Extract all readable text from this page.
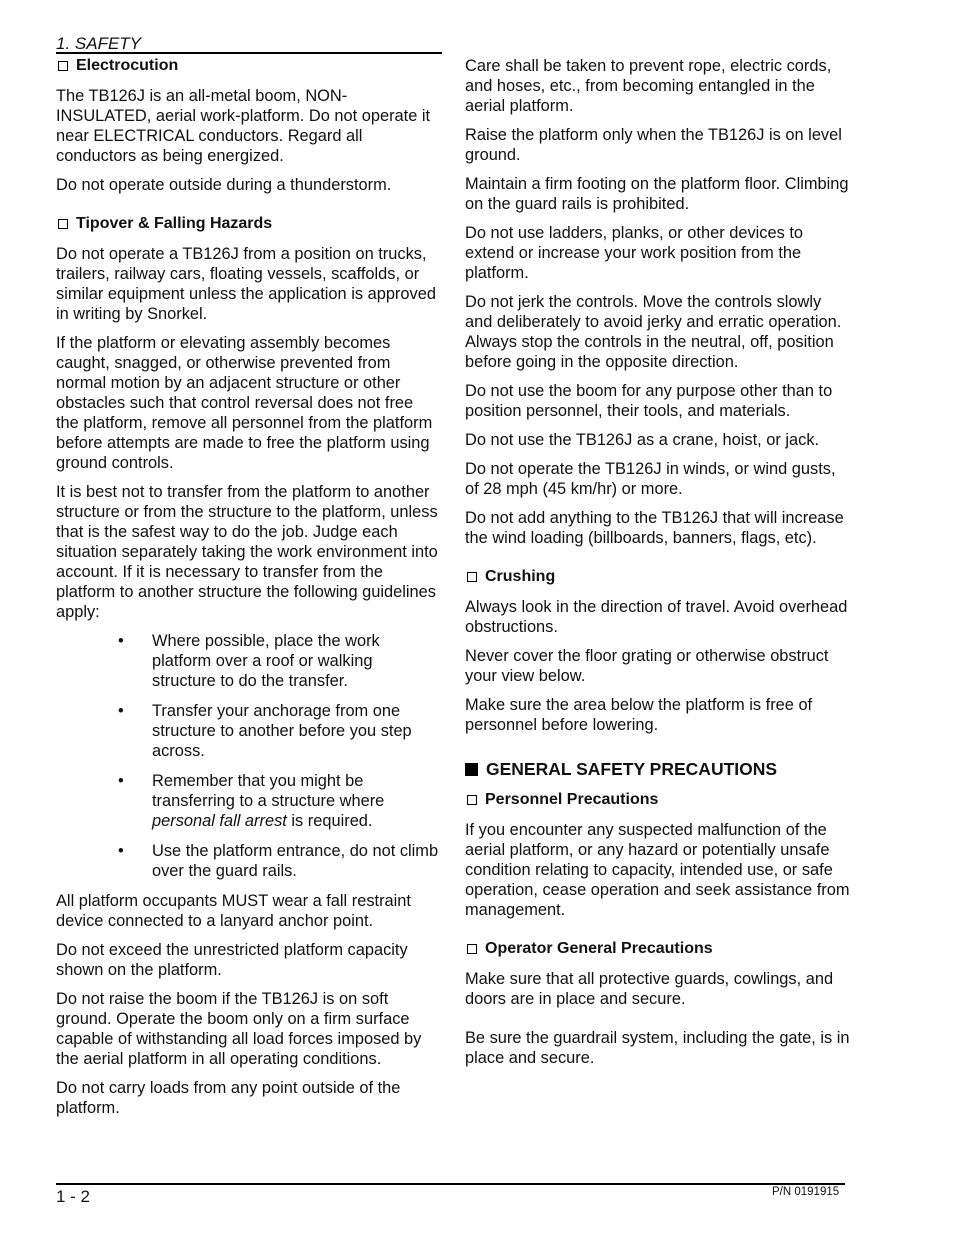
1. SAFETY
Electrocution

The TB126J is an all-metal boom, NON-INSULATED, aerial work-platform. Do not operate it near ELECTRICAL conductors. Regard all conductors as being energized.

Do not operate outside during a thunderstorm.

Tipover & Falling Hazards

Do not operate a TB126J from a position on trucks, trailers, railway cars, floating vessels, scaffolds, or similar equipment unless the application is approved in writing by Snorkel.

If the platform or elevating assembly becomes caught, snagged, or otherwise prevented from normal motion by an adjacent structure or other obstacles such that control reversal does not free the platform, remove all personnel from the platform before attempts are made to free the platform using ground controls.

It is best not to transfer from the platform to another structure or from the structure to the platform, unless that is the safest way to do the job. Judge each situation separately taking the work environment into account. If it is necessary to transfer from the platform to another structure the following guidelines apply:

•	Where possible, place the work platform over a roof or walking structure to do the transfer.
•	Transfer your anchorage from one structure to another before you step across.
•	Remember that you might be transferring to a structure where personal fall arrest is required.
•	Use the platform entrance, do not climb over the guard rails.

All platform occupants MUST wear a fall restraint device connected to a lanyard anchor point.

Do not exceed the unrestricted platform capacity shown on the platform.

Do not raise the boom if the TB126J is on soft ground. Operate the boom only on a firm surface capable of withstanding all load forces imposed by the aerial platform in all operating conditions.

Do not carry loads from any point outside of the platform.

Care shall be taken to prevent rope, electric cords, and hoses, etc., from becoming entangled in the aerial platform.

Raise the platform only when the TB126J is on level ground.

Maintain a firm footing on the platform floor. Climbing on the guard rails is prohibited.

Do not use ladders, planks, or other devices to extend or increase your work position from the platform.

Do not jerk the controls. Move the controls slowly and deliberately to avoid jerky and erratic operation. Always stop the controls in the neutral, off, position before going in the opposite direction.

Do not use the boom for any purpose other than to position personnel, their tools, and materials.

Do not use the TB126J as a crane, hoist, or jack.

Do not operate the TB126J in winds, or wind gusts, of 28 mph (45 km/hr) or more.

Do not add anything to the TB126J that will increase the wind loading (billboards, banners, flags, etc).

Crushing

Always look in the direction of travel. Avoid overhead obstructions.

Never cover the floor grating or otherwise obstruct your view below.

Make sure the area below the platform is free of personnel before lowering.

GENERAL SAFETY PRECAUTIONS
Personnel Precautions

If you encounter any suspected malfunction of the aerial platform, or any hazard or potentially unsafe condition relating to capacity, intended use, or safe operation, cease operation and seek assistance from management.

Operator General Precautions

Make sure that all protective guards, cowlings, and doors are in place and secure.

Be sure the guardrail system, including the gate, is in place and secure.

1 - 2	P/N 0191915
